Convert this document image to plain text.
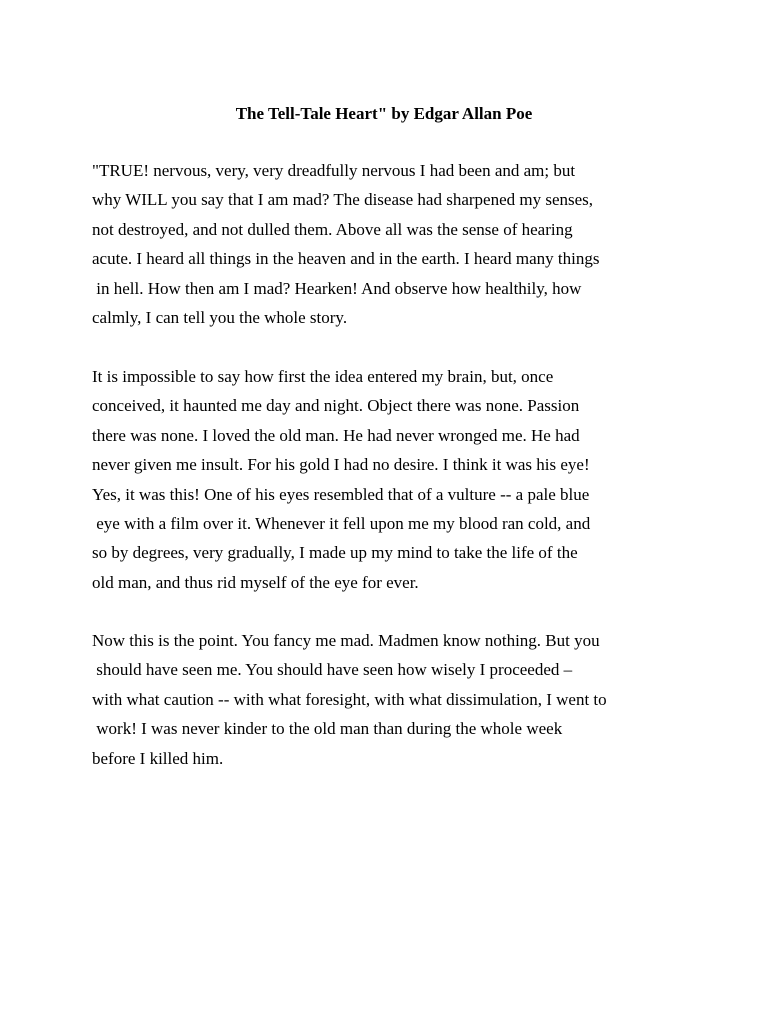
The Tell-Tale Heart" by Edgar Allan Poe
"TRUE! nervous, very, very dreadfully nervous I had been and am; but
why WILL you say that I am mad? The disease had sharpened my senses,
not destroyed, and not dulled them. Above all was the sense of hearing
acute. I heard all things in the heaven and in the earth. I heard many things
in hell. How then am I mad? Hearken! And observe how healthily, how
calmly, I can tell you the whole story.
It is impossible to say how first the idea entered my brain, but, once
conceived, it haunted me day and night. Object there was none. Passion
there was none. I loved the old man. He had never wronged me. He had
never given me insult. For his gold I had no desire. I think it was his eye!
Yes, it was this! One of his eyes resembled that of a vulture -- a pale blue
eye with a film over it. Whenever it fell upon me my blood ran cold, and
so by degrees, very gradually, I made up my mind to take the life of the
old man, and thus rid myself of the eye for ever.
Now this is the point. You fancy me mad. Madmen know nothing. But you
should have seen me. You should have seen how wisely I proceeded –
with what caution -- with what foresight, with what dissimulation, I went to
work! I was never kinder to the old man than during the whole week
before I killed him.
